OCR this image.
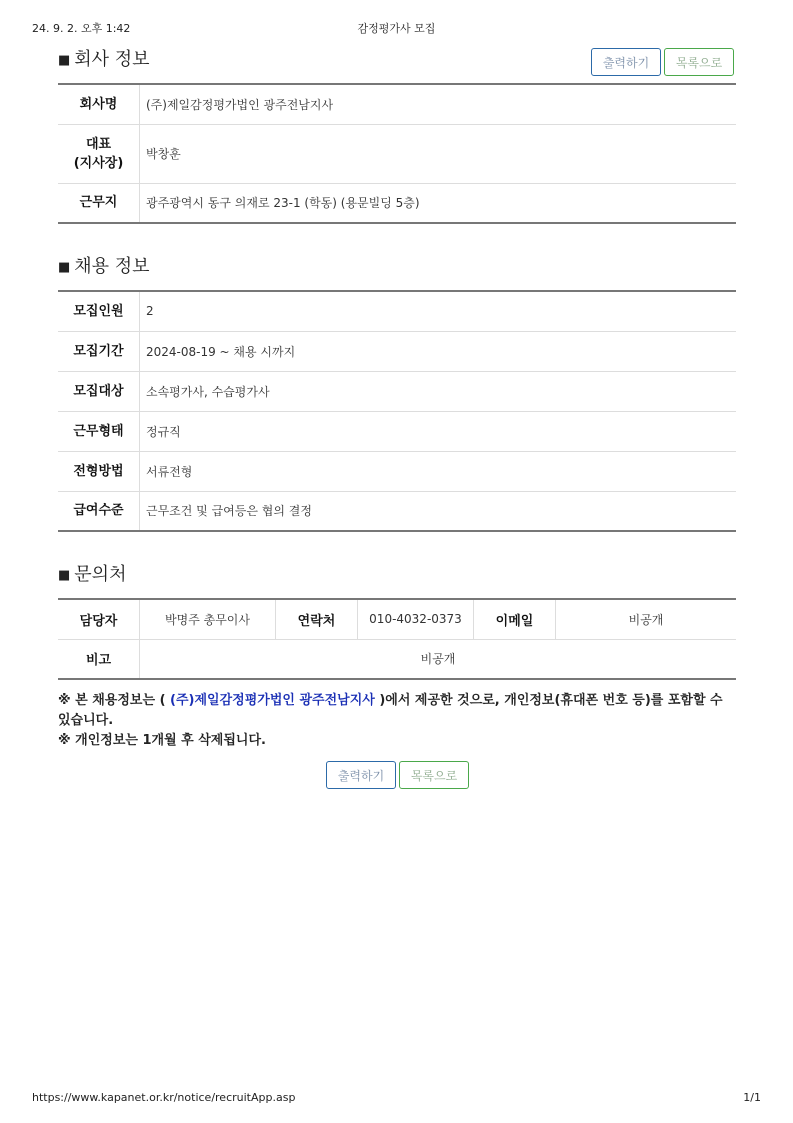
24. 9. 2. 오후 1:42	감정평가사 모집
■ 회사 정보	출력하기	목록으로
회사명	(주)제일감정평가법인 광주전남지사

대표
(지사장)	박창훈
근무지	광주광역시 동구 의재로 23-1 (학동) (용문빌딩 5층)
■ 채용 정보
모집인원	2
모집기간	2024-08-19 ~ 채용 시까지
모집대상	소속평가사, 수습평가사
근무형태	정규직
전형방법	서류전형
급여수준	근무조건 및 급여등은 협의 결정
■ 문의처
담당자	박명주 총무이사	연락처	010-4032-0373	이메일	비공개
비고	비공개				
※ 본 채용정보는 ( (주)제일감정평가법인 광주전남지사 )에서 제공한 것으로, 개인정보(휴대폰 번호 등)를 포함할 수 있습니다.
※ 개인정보는 1개월 후 삭제됩니다.
출력하기	목록으로
https://www.kapanet.or.kr/notice/recruitApp.asp	1/1
